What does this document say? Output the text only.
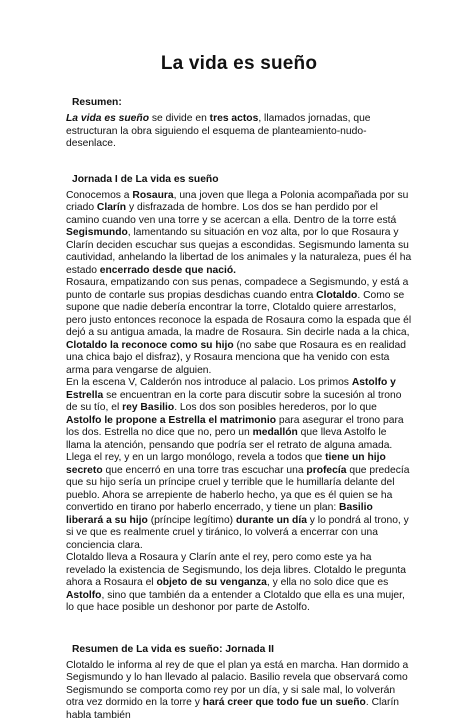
La vida es sueño
Resumen:

La vida es sueño se divide en tres actos, llamados jornadas, que estructuran la obra siguiendo el esquema de planteamiento-nudo-desenlace.

Jornada I de La vida es sueño

Conocemos a Rosaura, una joven que llega a Polonia acompañada por su criado Clarín y disfrazada de hombre. Los dos se han perdido por el camino cuando ven una torre y se acercan a ella. Dentro de la torre está Segismundo, lamentando su situación en voz alta, por lo que Rosaura y Clarín deciden escuchar sus quejas a escondidas. Segismundo lamenta su cautividad, anhelando la libertad de los animales y la naturaleza, pues él ha estado encerrado desde que nació.

Rosaura, empatizando con sus penas, compadece a Segismundo, y está a punto de contarle sus propias desdichas cuando entra Clotaldo. Como se supone que nadie debería encontrar la torre, Clotaldo quiere arrestarlos, pero justo entonces reconoce la espada de Rosaura como la espada que él dejó a su antigua amada, la madre de Rosaura. Sin decirle nada a la chica, Clotaldo la reconoce como su hijo (no sabe que Rosaura es en realidad una chica bajo el disfraz), y Rosaura menciona que ha venido con esta arma para vengarse de alguien.

En la escena V, Calderón nos introduce al palacio. Los primos Astolfo y Estrella se encuentran en la corte para discutir sobre la sucesión al trono de su tío, el rey Basilio. Los dos son posibles herederos, por lo que Astolfo le propone a Estrella el matrimonio para asegurar el trono para los dos. Estrella no dice que no, pero un medallón que lleva Astolfo le llama la atención, pensando que podría ser el retrato de alguna amada.

Llega el rey, y en un largo monólogo, revela a todos que tiene un hijo secreto que encerró en una torre tras escuchar una profecía que predecía que su hijo sería un príncipe cruel y terrible que le humillaría delante del pueblo. Ahora se arrepiente de haberlo hecho, ya que es él quien se ha convertido en tirano por haberlo encerrado, y tiene un plan: Basilio liberará a su hijo (príncipe legítimo) durante un día y lo pondrá al trono, y si ve que es realmente cruel y tiránico, lo volverá a encerrar con una conciencia clara.

Clotaldo lleva a Rosaura y Clarín ante el rey, pero como este ya ha revelado la existencia de Segismundo, los deja libres. Clotaldo le pregunta ahora a Rosaura el objeto de su venganza, y ella no solo dice que es Astolfo, sino que también da a entender a Clotaldo que ella es una mujer, lo que hace posible un deshonor por parte de Astolfo.

Resumen de La vida es sueño: Jornada II

Clotaldo le informa al rey de que el plan ya está en marcha. Han dormido a Segismundo y lo han llevado al palacio. Basilio revela que observará como Segismundo se comporta como rey por un día, y si sale mal, lo volverán otra vez dormido en la torre y hará creer que todo fue un sueño. Clarín habla también
